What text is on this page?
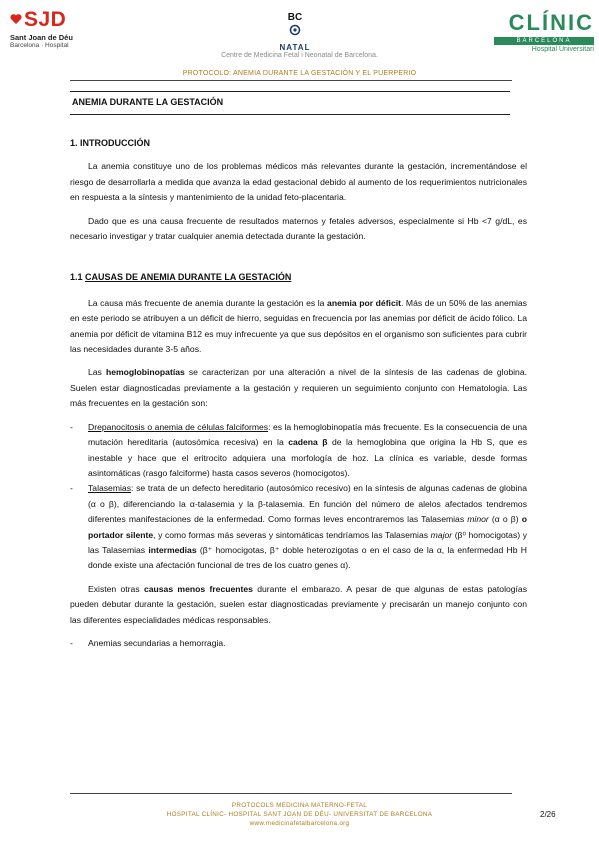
SJD
Sant Joan de Déu
Barcelona · Hospital
BC
NATAL
CLÍNIC
BARCELONA
Hospital Universitari
Centre de Medicina Fetal i Neonatal de Barcelona.
PROTOCOLO: ANEMIA DURANTE LA GESTACIÓN Y EL PUERPERIO
ANEMIA DURANTE LA GESTACIÓN

1. INTRODUCCIÓN

La anemia constituye uno de los problemas médicos más relevantes durante la gestación, incrementándose el riesgo de desarrollarla a medida que avanza la edad gestacional debido al aumento de los requerimientos nutricionales en respuesta a la síntesis y mantenimiento de la unidad feto-placentaria.

Dado que es una causa frecuente de resultados maternos y fetales adversos, especialmente si Hb <7 g/dL, es necesario investigar y tratar cualquier anemia detectada durante la gestación.

1.1 CAUSAS DE ANEMIA DURANTE LA GESTACIÓN

La causa más frecuente de anemia durante la gestación es la anemia por déficit. Más de un 50% de las anemias en este periodo se atribuyen a un déficit de hierro, seguidas en frecuencia por las anemias por déficit de ácido fólico. La anemia por déficit de vitamina B12 es muy infrecuente ya que sus depósitos en el organismo son suficientes para cubrir las necesidades durante 3-5 años.

Las hemoglobinopatías se caracterizan por una alteración a nivel de la síntesis de las cadenas de globina. Suelen estar diagnosticadas previamente a la gestación y requieren un seguimiento conjunto con Hematología. Las más frecuentes en la gestación son:

- Drepanocitosis o anemia de células falciformes: es la hemoglobinopatía más frecuente. Es la consecuencia de una mutación hereditaria (autosómica recesiva) en la cadena β de la hemoglobina que origina la Hb S, que es inestable y hace que el eritrocito adquiera una morfología de hoz. La clínica es variable, desde formas asintomáticas (rasgo falciforme) hasta casos severos (homocigotos).
- Talasemias: se trata de un defecto hereditario (autosómico recesivo) en la síntesis de algunas cadenas de globina (α o β), diferenciando la α-talasemia y la β-talasemia. En función del número de alelos afectados tendremos diferentes manifestaciones de la enfermedad. Como formas leves encontraremos las Talasemias minor (α o β) o portador silente, y como formas más severas y sintomáticas tendríamos las Talasemias major (β⁰ homocigotas) y las Talasemias intermedias (β⁺ homocigotas, β⁺ doble heterozigotas o en el caso de la α, la enfermedad Hb H donde existe una afectación funcional de tres de los cuatro genes α).

Existen otras causas menos frecuentes durante el embarazo. A pesar de que algunas de estas patologías pueden debutar durante la gestación, suelen estar diagnosticadas previamente y precisarán un manejo conjunto con las diferentes especialidades médicas responsables.

- Anemias secundarias a hemorragia.
PROTOCOLS MEDICINA MATERNO-FETAL
HOSPITAL CLÍNIC- HOSPITAL SANT JOAN DE DÉU- UNIVERSITAT DE BARCELONA
www.medicinafetalbarcelona.org
2/26
